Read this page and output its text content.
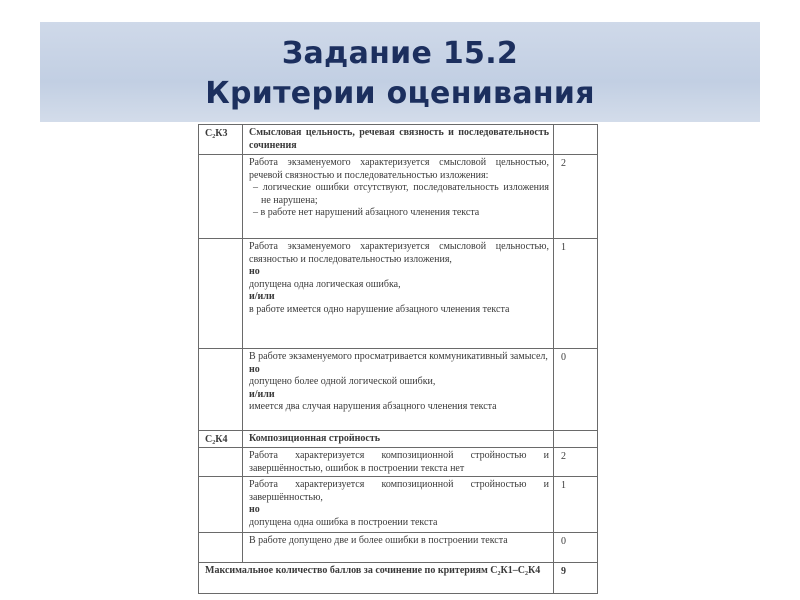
Задание 15.2
Критерии оценивания
С₂К3 Смысловая цельность, речевая связность и последовательность сочинения
Работа экзаменуемого характеризуется смысловой цельностью, речевой связностью и последовательностью изложения:
– логические ошибки отсутствуют, последовательность изложения не нарушена;
– в работе нет нарушений абзацного членения текста
2
Работа экзаменуемого характеризуется смысловой цельностью, связностью и последовательностью изложения,
но
допущена одна логическая ошибка,
и/или
в работе имеется одно нарушение абзацного членения текста
1
В работе экзаменуемого просматривается коммуникативный замысел,
но
допущено более одной логической ошибки,
и/или
имеется два случая нарушения абзацного членения текста
0
С₂К4 Композиционная стройность
Работа характеризуется композиционной стройностью и завершённостью, ошибок в построении текста нет
2
Работа характеризуется композиционной стройностью и завершённостью,
но
допущена одна ошибка в построении текста
1
В работе допущено две и более ошибки в построении текста	0
Максимальное количество баллов за сочинение по критериям С₂К1–С₂К4	9
